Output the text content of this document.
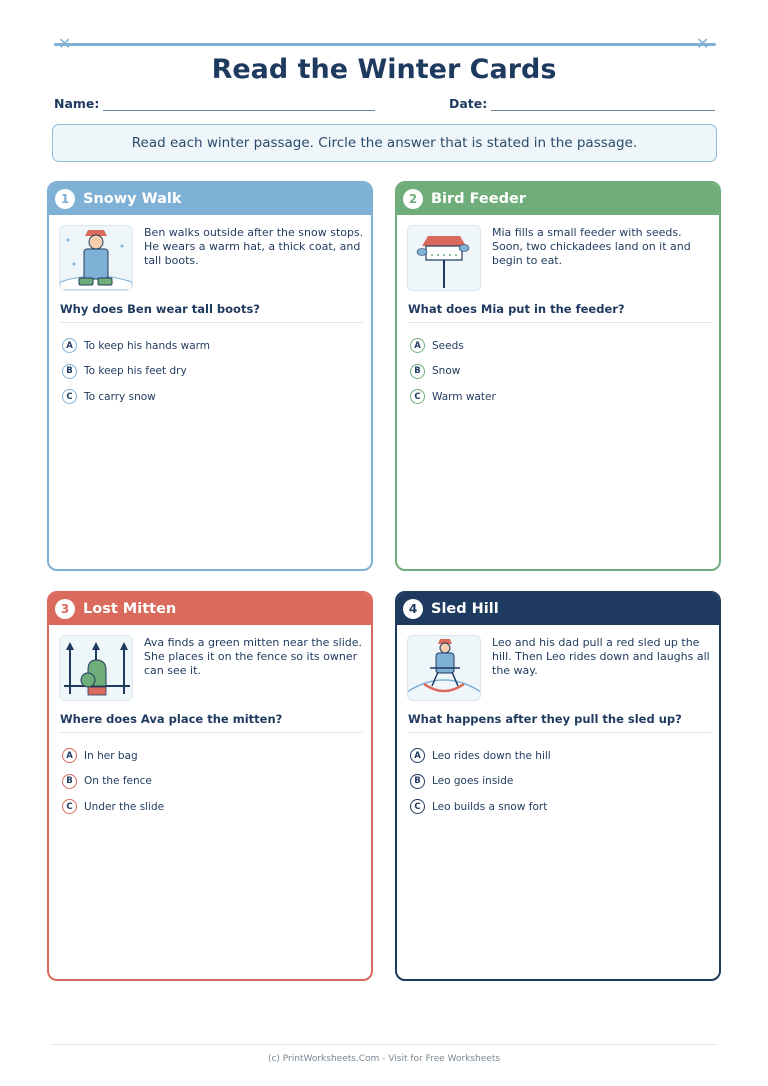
✕	✕
Read the Winter Cards
Name:	Date:
Read each winter passage. Circle the answer that is stated in the passage.
1 Snowy Walk
Ben walks outside after the snow stops. He wears a warm hat, a thick coat, and tall boots.
Why does Ben wear tall boots?
A	To keep his hands warm
B	To keep his feet dry
C	To carry snow
2 Bird Feeder
Mia fills a small feeder with seeds. Soon, two chickadees land on it and begin to eat.
What does Mia put in the feeder?
A	Seeds
B	Snow
C	Warm water
3 Lost Mitten
Ava finds a green mitten near the slide. She places it on the fence so its owner can see it.
Where does Ava place the mitten?
A	In her bag
B	On the fence
C	Under the slide
4 Sled Hill
Leo and his dad pull a red sled up the hill. Then Leo rides down and laughs all the way.
What happens after they pull the sled up?
A	Leo rides down the hill
B	Leo goes inside
C	Leo builds a snow fort
(c) PrintWorksheets.Com - Visit for Free Worksheets
